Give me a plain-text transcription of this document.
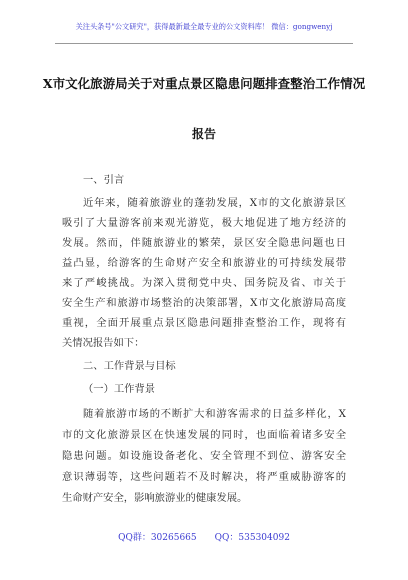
关注头条号"公文研究"，获得最新最全最专业的公文资料库！ 微信：gongwenyj
X市文化旅游局关于对重点景区隐患问题排查整治工作情况
报告
一、引言
近年来，随着旅游业的蓬勃发展，X市的文化旅游景区
吸引了大量游客前来观光游览，极大地促进了地方经济的
发展。然而，伴随旅游业的繁荣，景区安全隐患问题也日
益凸显，给游客的生命财产安全和旅游业的可持续发展带
来了严峻挑战。为深入贯彻党中央、国务院及省、市关于
安全生产和旅游市场整治的决策部署，X市文化旅游局高度
重视，全面开展重点景区隐患问题排查整治工作，现将有
关情况报告如下：
二、工作背景与目标
（一）工作背景
随着旅游市场的不断扩大和游客需求的日益多样化，X
市的文化旅游景区在快速发展的同时，也面临着诸多安全
隐患问题。如设施设备老化、安全管理不到位、游客安全
意识薄弱等，这些问题若不及时解决，将严重威胁游客的
生命财产安全，影响旅游业的健康发展。
QQ群：30265665 QQ：535304092
